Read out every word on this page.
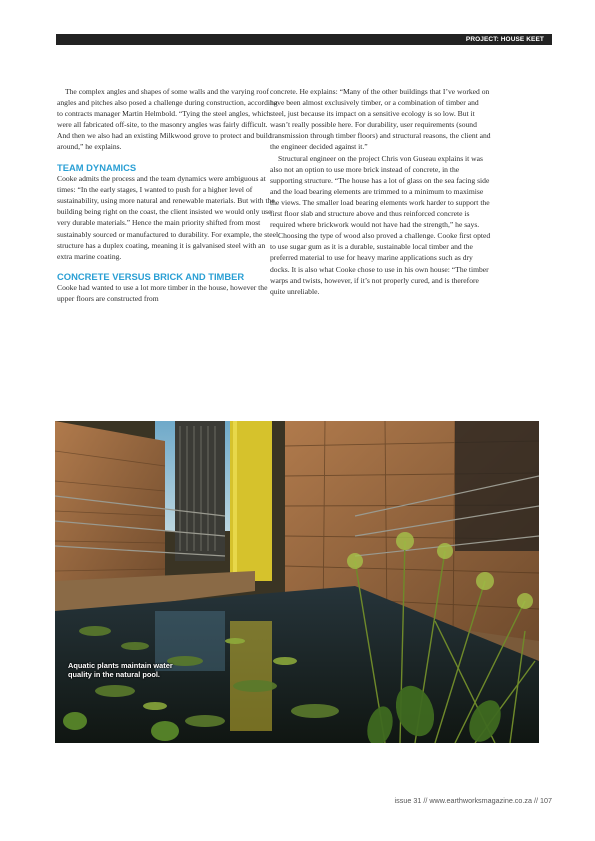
PROJECT: HOUSE KEET

The complex angles and shapes of some walls and the varying roof angles and pitches also posed a challenge during construction, according to contracts manager Martin Helmbold. “Tying the steel angles, which were all fabricated off-site, to the masonry angles was fairly difficult. And then we also had an existing Milkwood grove to protect and build around,” he explains.

TEAM DYNAMICS

Cooke admits the process and the team dynamics were ambiguous at times: “In the early stages, I wanted to push for a higher level of sustainability, using more natural and renewable materials. But with the building being right on the coast, the client insisted we would only use very durable materials.” Hence the main priority shifted from most sustainably sourced or manufactured to durability. For example, the steel structure has a duplex coating, meaning it is galvanised steel with an extra marine coating.

CONCRETE VERSUS BRICK AND TIMBER

Cooke had wanted to use a lot more timber in the house, however the upper floors are constructed from

concrete. He explains: “Many of the other buildings that I’ve worked on have been almost exclusively timber, or a combination of timber and steel, just because its impact on a sensitive ecology is so low. But it wasn’t really possible here. For durability, user requirements (sound transmission through timber floors) and structural reasons, the client and the engineer decided against it.”

Structural engineer on the project Chris von Guseau explains it was also not an option to use more brick instead of concrete, in the supporting structure. “The house has a lot of glass on the sea facing side and the load bearing elements are trimmed to a minimum to maximise the views. The smaller load bearing elements work harder to support the first floor slab and structure above and thus reinforced concrete is required where brickwork would not have had the strength,” he says.

Choosing the type of wood also proved a challenge. Cooke first opted to use sugar gum as it is a durable, sustainable local timber and the preferred material to use for heavy marine applications such as dry docks. It is also what Cooke chose to use in his own house: “The timber warps and twists, however, if it’s not properly cured, and is therefore quite unreliable.

Aquatic plants maintain water quality in the natural pool.
issue 31 // www.earthworksmagazine.co.za // 107
